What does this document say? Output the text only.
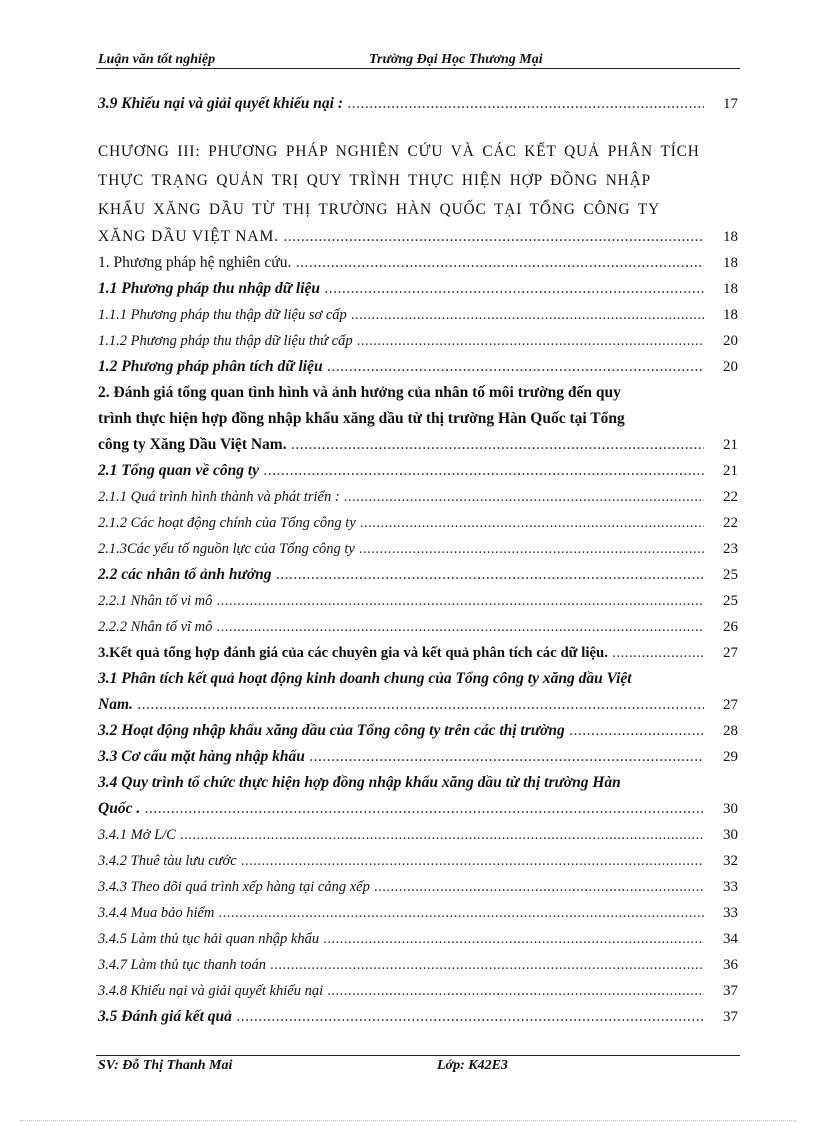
Luận văn tốt nghiệp	Trường Đại Học Thương Mại
3.9 Khiếu nại và giải quyết khiếu nại : .....	17
CHƯƠNG III: PHƯƠNG PHÁP NGHIÊN CỨU VÀ CÁC KẾT QUẢ PHÂN TÍCH
THỰC TRẠNG QUẢN TRỊ QUY TRÌNH THỰC HIỆN HỢP ĐỒNG NHẬP
KHẨU XĂNG DẦU TỪ THỊ TRƯỜNG HÀN QUỐC TẠI TỔNG CÔNG TY
XĂNG DẦU VIỆT NAM. .....	18
1. Phương pháp hệ nghiên cứu. .....	18
1.1 Phương pháp thu nhập dữ liệu .....	18
1.1.1 Phương pháp thu thập dữ liệu sơ cấp .....	18
1.1.2 Phương pháp thu thập dữ liệu thứ cấp .....	20
1.2 Phương pháp phân tích dữ liệu .....	20
2. Đánh giá tổng quan tình hình và ảnh hưởng của nhân tố môi trường đến quy
trình thực hiện hợp đồng nhập khẩu xăng dầu từ thị trường Hàn Quốc tại Tổng
công ty Xăng Dầu Việt Nam. .....	21
2.1 Tổng quan về công ty .....	21
2.1.1 Quá trình hình thành và phát triển : .....	22
2.1.2 Các hoạt động chính của Tổng công ty .....	22
2.1.3Các yếu tố nguồn lực của Tổng công ty .....	23
2.2 các nhân tố ảnh hưởng .....	25
2.2.1 Nhân tố vi mô .....	25
2.2.2 Nhân tố vĩ mô .....	26
3.Kết quả tổng hợp đánh giá của các chuyên gia và kết quả phân tích các dữ liệu. .....	27
3.1 Phân tích kết quả hoạt động kinh doanh chung của Tổng công ty xăng dầu Việt
Nam. .....	27
3.2 Hoạt động nhập khẩu xăng dầu của Tổng công ty trên các thị trường .....	28
3.3 Cơ cấu mặt hàng nhập khẩu .....	29
3.4 Quy trình tổ chức thực hiện hợp đồng nhập khẩu xăng dầu từ thị trường Hàn
Quốc . .....	30
3.4.1 Mở L/C .....	30
3.4.2 Thuê tàu lưu cước .....	32
3.4.3 Theo dõi quá trình xếp hàng tại cảng xếp .....	33
3.4.4 Mua bảo hiểm .....	33
3.4.5 Làm thủ tục hải quan nhập khẩu .....	34
3.4.7 Làm thủ tục thanh toán .....	36
3.4.8 Khiếu nại và giải quyết khiếu nại .....	37
3.5 Đánh giá kết quả .....	37
SV: Đỗ Thị Thanh Mai	Lớp: K42E3
